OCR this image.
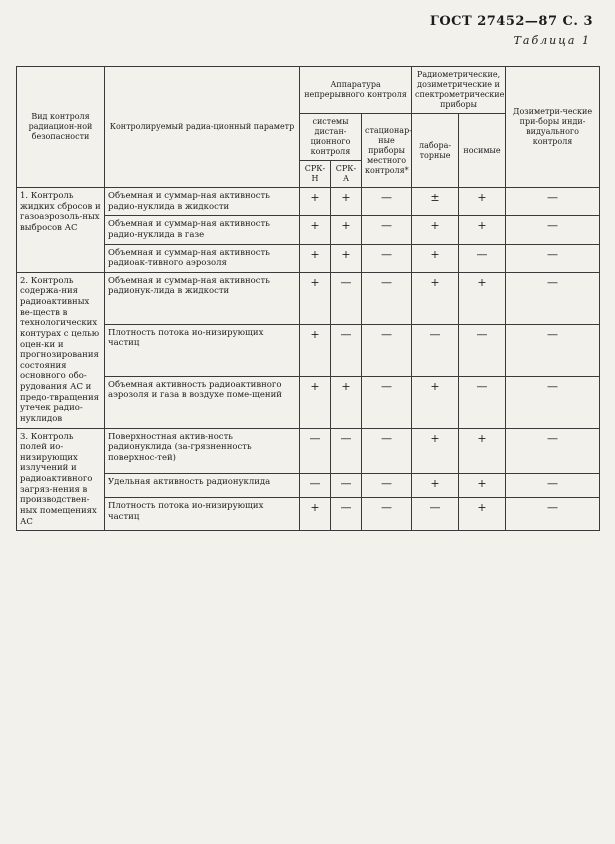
ГОСТ 27452—87 С. 3
Таблица 1
Вид контроля радиацион-ной безопасности	Контролируемый радиа-ционный параметр	Аппаратура непрерывного контроля			Радиометрические, дозиметрические и спектрометрические приборы		Дозиметри-ческие при-боры инди-видуального контроля
		системы дистан-ционного контроля		стационар-ные приборы местного контроля*	лабора-торные	носимые	
		СРК-Н	СРК-А				
1. Контроль жидких сбросов и газоаэрозоль-ных выбросов АС	Объемная и суммар-ная активность радио-нуклида в жидкости	+	+	—	±	+	—
	Объемная и суммар-ная активность радио-нуклида в газе	+	+	—	+	+	—
	Объемная и суммар-ная активность радиоак-тивного аэрозоля	+	+	—	+	—	—
2. Контроль содержа-ния радиоактивных ве-ществ в технологических контурах с целью оцен-ки и прогнозирования состояния основного обо-рудования АС и предо-твращения утечек радио-нуклидов	Объемная и суммар-ная активность радионук-лида в жидкости	+	—	—	+	+	—
	Плотность потока ио-низирующих частиц	+	—	—	—	—	—
	Объемная активность радиоактивного аэрозоля и газа в воздухе поме-щений	+	+	—	+	—	—
3. Контроль полей ио-низирующих излучений и радиоактивного загряз-нения в производствен-ных помещениях АС	Поверхностная актив-ность радионуклида (за-грязненность поверхнос-тей)	—	—	—	+	+	—
	Удельная активность радионуклида	—	—	—	+	+	—
	Плотность потока ио-низирующих частиц	+	—	—	—	+	—
